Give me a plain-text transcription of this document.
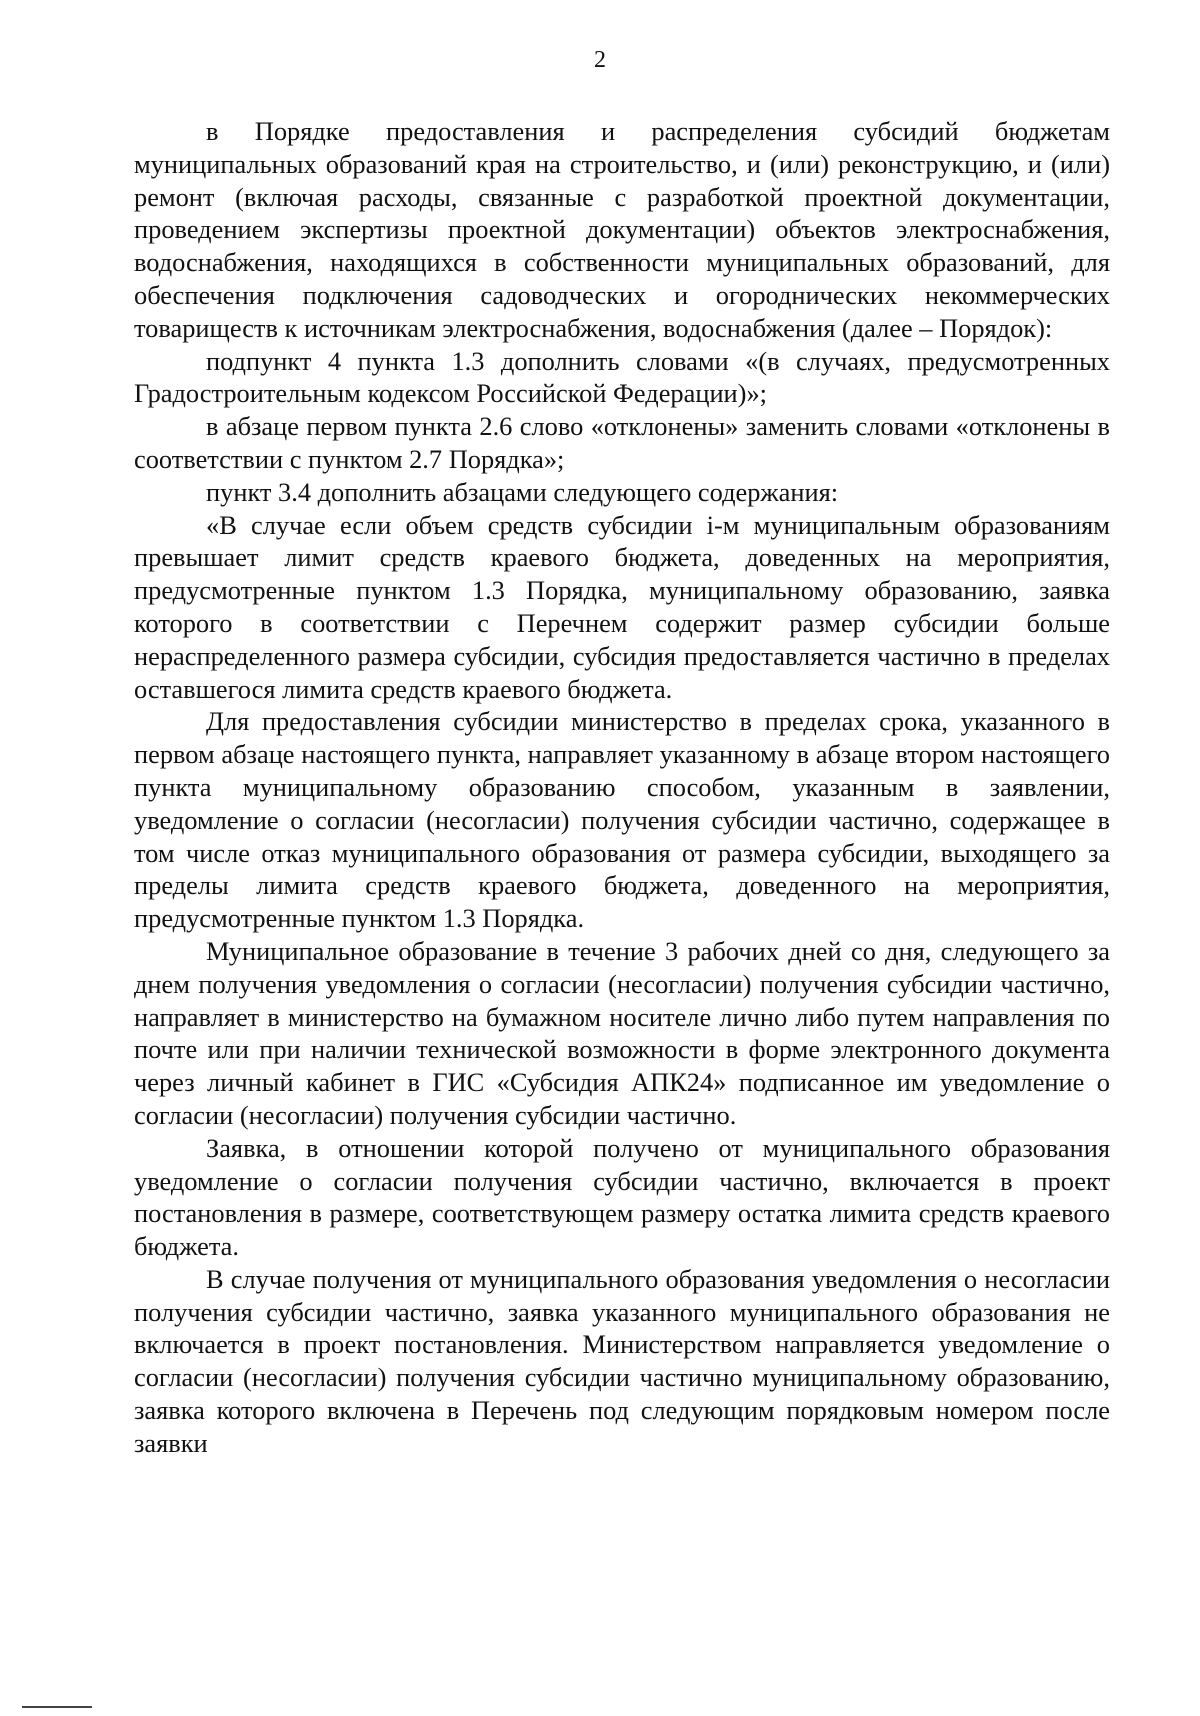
2

в Порядке предоставления и распределения субсидий бюджетам муниципальных образований края на строительство, и (или) реконструкцию, и (или) ремонт (включая расходы, связанные с разработкой проектной документации, проведением экспертизы проектной документации) объектов электроснабжения, водоснабжения, находящихся в собственности муниципальных образований, для обеспечения подключения садоводческих и огороднических некоммерческих товариществ к источникам электроснабжения, водоснабжения (далее – Порядок):

подпункт 4 пункта 1.3 дополнить словами «(в случаях, предусмотренных Градостроительным кодексом Российской Федерации)»;

в абзаце первом пункта 2.6 слово «отклонены» заменить словами «отклонены в соответствии с пунктом 2.7 Порядка»;

пункт 3.4 дополнить абзацами следующего содержания:

«В случае если объем средств субсидии i-м муниципальным образованиям превышает лимит средств краевого бюджета, доведенных на мероприятия, предусмотренные пунктом 1.3 Порядка, муниципальному образованию, заявка которого в соответствии с Перечнем содержит размер субсидии больше нераспределенного размера субсидии, субсидия предоставляется частично в пределах оставшегося лимита средств краевого бюджета.

Для предоставления субсидии министерство в пределах срока, указанного в первом абзаце настоящего пункта, направляет указанному в абзаце втором настоящего пункта муниципальному образованию способом, указанным в заявлении, уведомление о согласии (несогласии) получения субсидии частично, содержащее в том числе отказ муниципального образования от размера субсидии, выходящего за пределы лимита средств краевого бюджета, доведенного на мероприятия, предусмотренные пунктом 1.3 Порядка.

Муниципальное образование в течение 3 рабочих дней со дня, следующего за днем получения уведомления о согласии (несогласии) получения субсидии частично, направляет в министерство на бумажном носителе лично либо путем направления по почте или при наличии технической возможности в форме электронного документа через личный кабинет в ГИС «Субсидия АПК24» подписанное им уведомление о согласии (несогласии) получения субсидии частично.

Заявка, в отношении которой получено от муниципального образования уведомление о согласии получения субсидии частично, включается в проект постановления в размере, соответствующем размеру остатка лимита средств краевого бюджета.

В случае получения от муниципального образования уведомления о несогласии получения субсидии частично, заявка указанного муниципального образования не включается в проект постановления. Министерством направляется уведомление о согласии (несогласии) получения субсидии частично муниципальному образованию, заявка которого включена в Перечень под следующим порядковым номером после заявки
